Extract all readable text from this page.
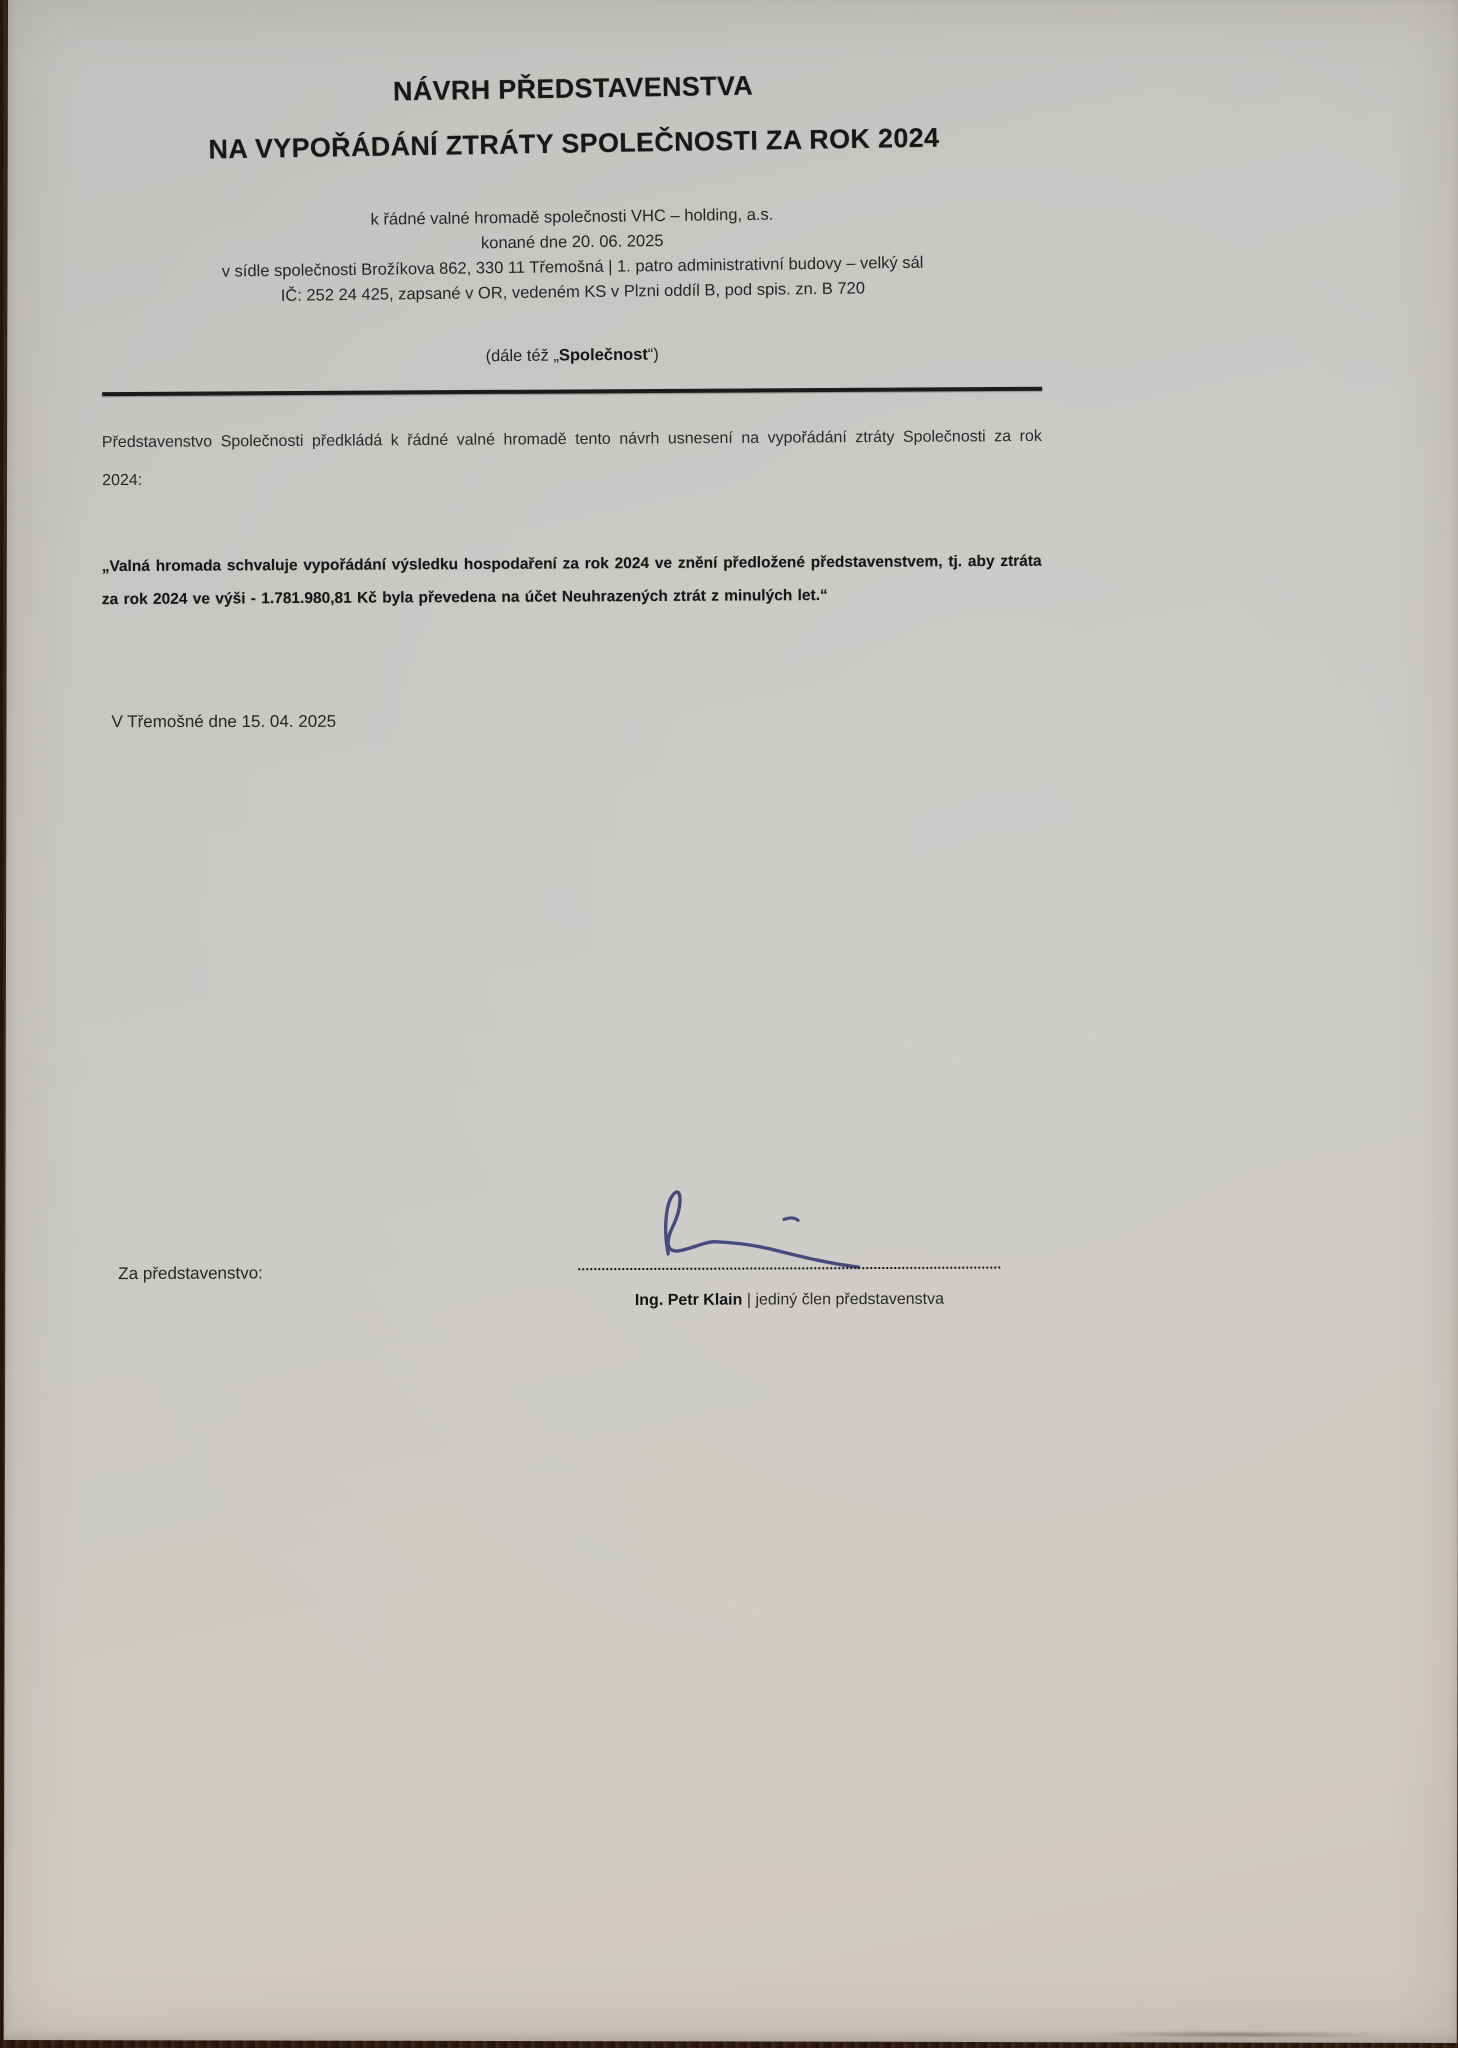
NÁVRH PŘEDSTAVENSTVA
NA VYPOŘÁDÁNÍ ZTRÁTY SPOLEČNOSTI ZA ROK 2024
k řádné valné hromadě společnosti VHC – holding, a.s.
konané dne 20. 06. 2025
v sídle společnosti Brožíkova 862, 330 11 Třemošná | 1. patro administrativní budovy – velký sál
IČ: 252 24 425, zapsané v OR, vedeném KS v Plzni oddíl B, pod spis. zn. B 720
(dále též „Společnost“)

Představenstvo Společnosti předkládá k řádné valné hromadě tento návrh usnesení na vypořádání ztráty Společnosti za rok 2024:

„Valná hromada schvaluje vypořádání výsledku hospodaření za rok 2024 ve znění předložené představenstvem, tj. aby ztráta za rok 2024 ve výši - 1.781.980,81 Kč byla převedena na účet Neuhrazených ztrát z minulých let.“

V Třemošné dne 15. 04. 2025
Za představenstvo:
Ing. Petr Klain | jediný člen představenstva
